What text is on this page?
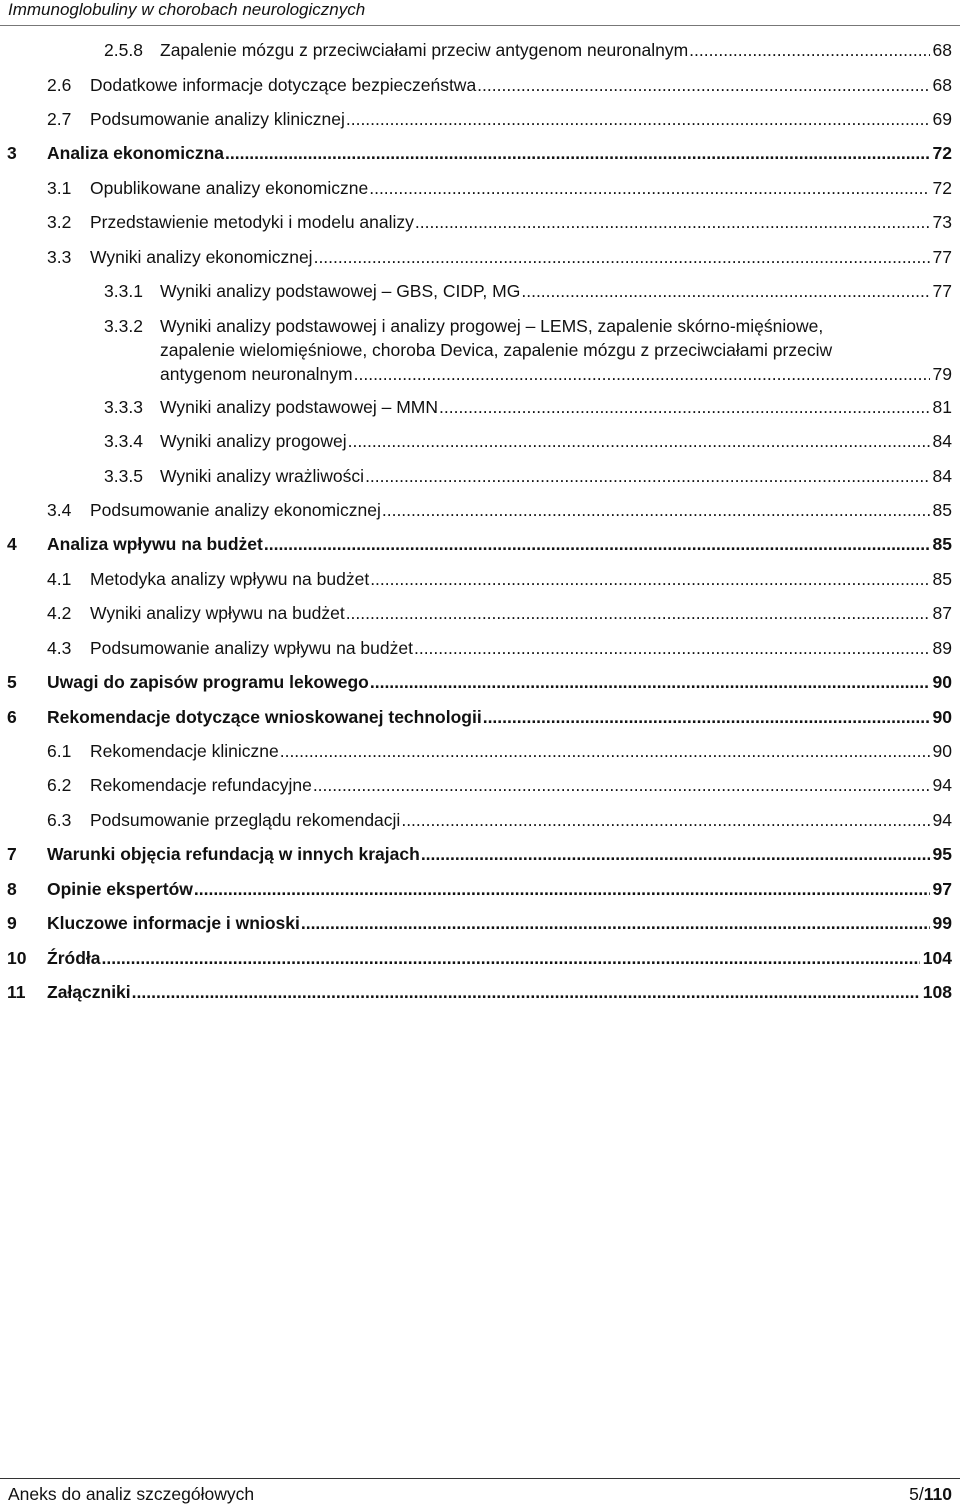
Immunoglobuliny w chorobach neurologicznych
2.5.8 Zapalenie mózgu z przeciwciałami przeciw antygenom neuronalnym .....	68
2.6 Dodatkowe informacje dotyczące bezpieczeństwa .....	68
2.7 Podsumowanie analizy klinicznej .....	69
3 Analiza ekonomiczna .....	72
3.1 Opublikowane analizy ekonomiczne .....	72
3.2 Przedstawienie metodyki i modelu analizy .....	73
3.3 Wyniki analizy ekonomicznej .....	77
3.3.1 Wyniki analizy podstawowej – GBS, CIDP, MG .....	77
3.3.2 Wyniki analizy podstawowej i analizy progowej – LEMS, zapalenie skórno-mięśniowe,
zapalenie wielomięśniowe, choroba Devica, zapalenie mózgu z przeciwciałami przeciw
antygenom neuronalnym .....	79
3.3.3 Wyniki analizy podstawowej – MMN .....	81
3.3.4 Wyniki analizy progowej .....	84
3.3.5 Wyniki analizy wrażliwości .....	84
3.4 Podsumowanie analizy ekonomicznej .....	85
4 Analiza wpływu na budżet .....	85
4.1 Metodyka analizy wpływu na budżet .....	85
4.2 Wyniki analizy wpływu na budżet .....	87
4.3 Podsumowanie analizy wpływu na budżet .....	89
5 Uwagi do zapisów programu lekowego .....	90
6 Rekomendacje dotyczące wnioskowanej technologii .....	90
6.1 Rekomendacje kliniczne .....	90
6.2 Rekomendacje refundacyjne .....	94
6.3 Podsumowanie przeglądu rekomendacji .....	94
7 Warunki objęcia refundacją w innych krajach .....	95
8 Opinie ekspertów .....	97
9 Kluczowe informacje i wnioski .....	99
10 Źródła .....	104
11 Załączniki .....	108
Aneks do analiz szczegółowych	5/110
